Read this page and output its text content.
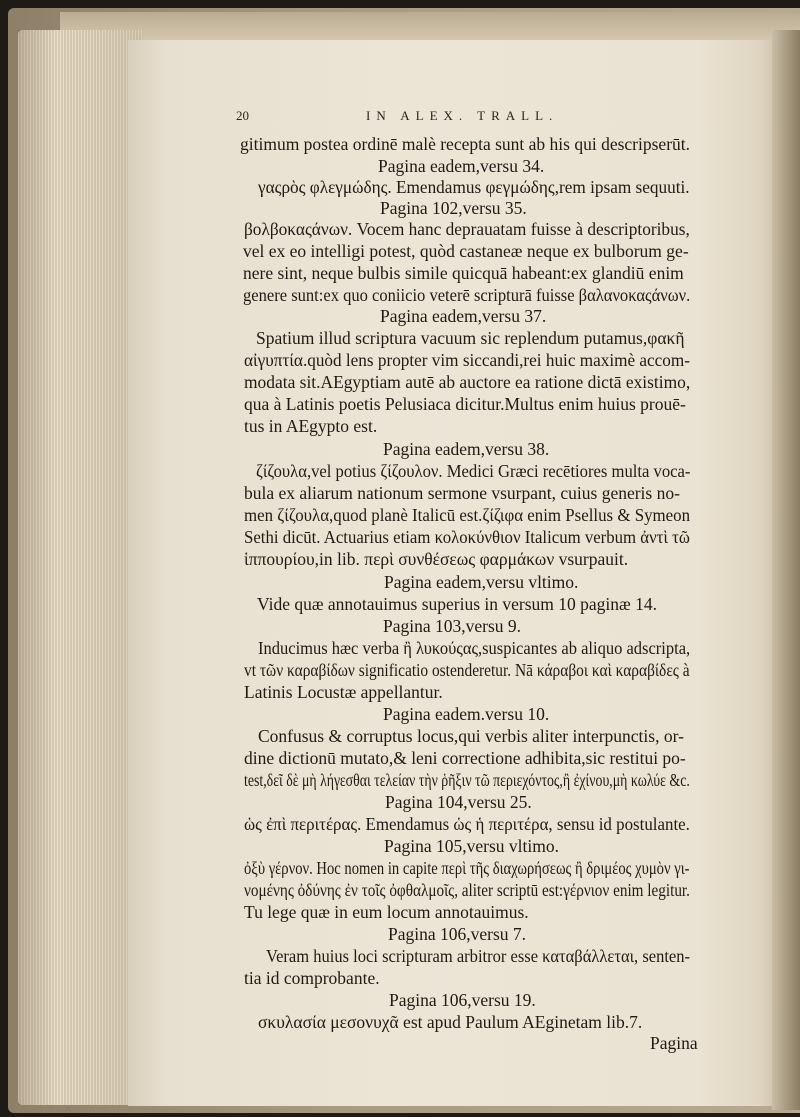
20	IN ALEX. TRALL.
gitimum postea ordinē malè recepta sunt ab his qui descripserūt.
Pagina eadem,versu 34.
γαςρὸς φλεγμώδης. Emendamus φεγμώδης,rem ipsam sequuti.
Pagina 102,versu 35.
βολβοκαςάνων. Vocem hanc deprauatam fuisse à descriptoribus,
vel ex eo intelligi potest, quòd castaneæ neque ex bulborum ge-
nere sint, neque bulbis simile quicquā habeant:ex glandiū enim
genere sunt:ex quo coniicio veterē scripturā fuisse βαλανοκαςάνων.
Pagina eadem,versu 37.
Spatium illud scriptura vacuum sic replendum putamus,φακῆ
αἰγυπτία.quòd lens propter vim siccandi,rei huic maximè accom-
modata sit.AEgyptiam autē ab auctore ea ratione dictā existimo,
qua à Latinis poetis Pelusiaca dicitur.Multus enim huius prouē-
tus in AEgypto est.
Pagina eadem,versu 38.
ζίζουλα,vel potius ζίζουλον. Medici Græci recētiores multa voca-
bula ex aliarum nationum sermone vsurpant, cuius generis no-
men ζίζουλα,quod planè Italicū est.ζίζιφα enim Psellus & Symeon
Sethi dicūt. Actuarius etiam κολοκύνθιον Italicum verbum ἀντὶ τῶ
ἱππουρίου,in lib. περὶ συνθέσεως φαρμάκων vsurpauit.
Pagina eadem,versu vltimo.
Vide quæ annotauimus superius in versum 10 paginæ 14.
Pagina 103,versu 9.
Inducimus hæc verba ἢ λυκούςας,suspicantes ab aliquo adscripta,
vt τῶν καραβίδων significatio ostenderetur. Nā κάραβοι καὶ καραβίδες à
Latinis Locustæ appellantur.
Pagina eadem.versu 10.
Confusus & corruptus locus,qui verbis aliter interpunctis, or-
dine dictionū mutato,& leni correctione adhibita,sic restitui po-
test,δεῖ δὲ μὴ λήγεσθαι τελείαν τὴν ῥῆξιν τῶ περιεχόντος,ἢ ἐχίνου,μὴ κωλύε &c.
Pagina 104,versu 25.
ὡς ἐπὶ περιτέρας. Emendamus ὡς ἡ περιτέρα, sensu id postulante.
Pagina 105,versu vltimo.
ὀξὺ γέρνον. Hoc nomen in capite περὶ τῆς διαχωρήσεως ἢ δριμέος χυμὸν γι-
νομένης ὀδύνης ἐν τοῖς ὀφθαλμοῖς, aliter scriptū est:γέρνιον enim legitur.
Tu lege quæ in eum locum annotauimus.
Pagina 106,versu 7.
Veram huius loci scripturam arbitror esse καταβάλλεται, senten-
tia id comprobante.
Pagina 106,versu 19.
σκυλασία μεσονυχᾶ est apud Paulum AEginetam lib.7.
Pagina
